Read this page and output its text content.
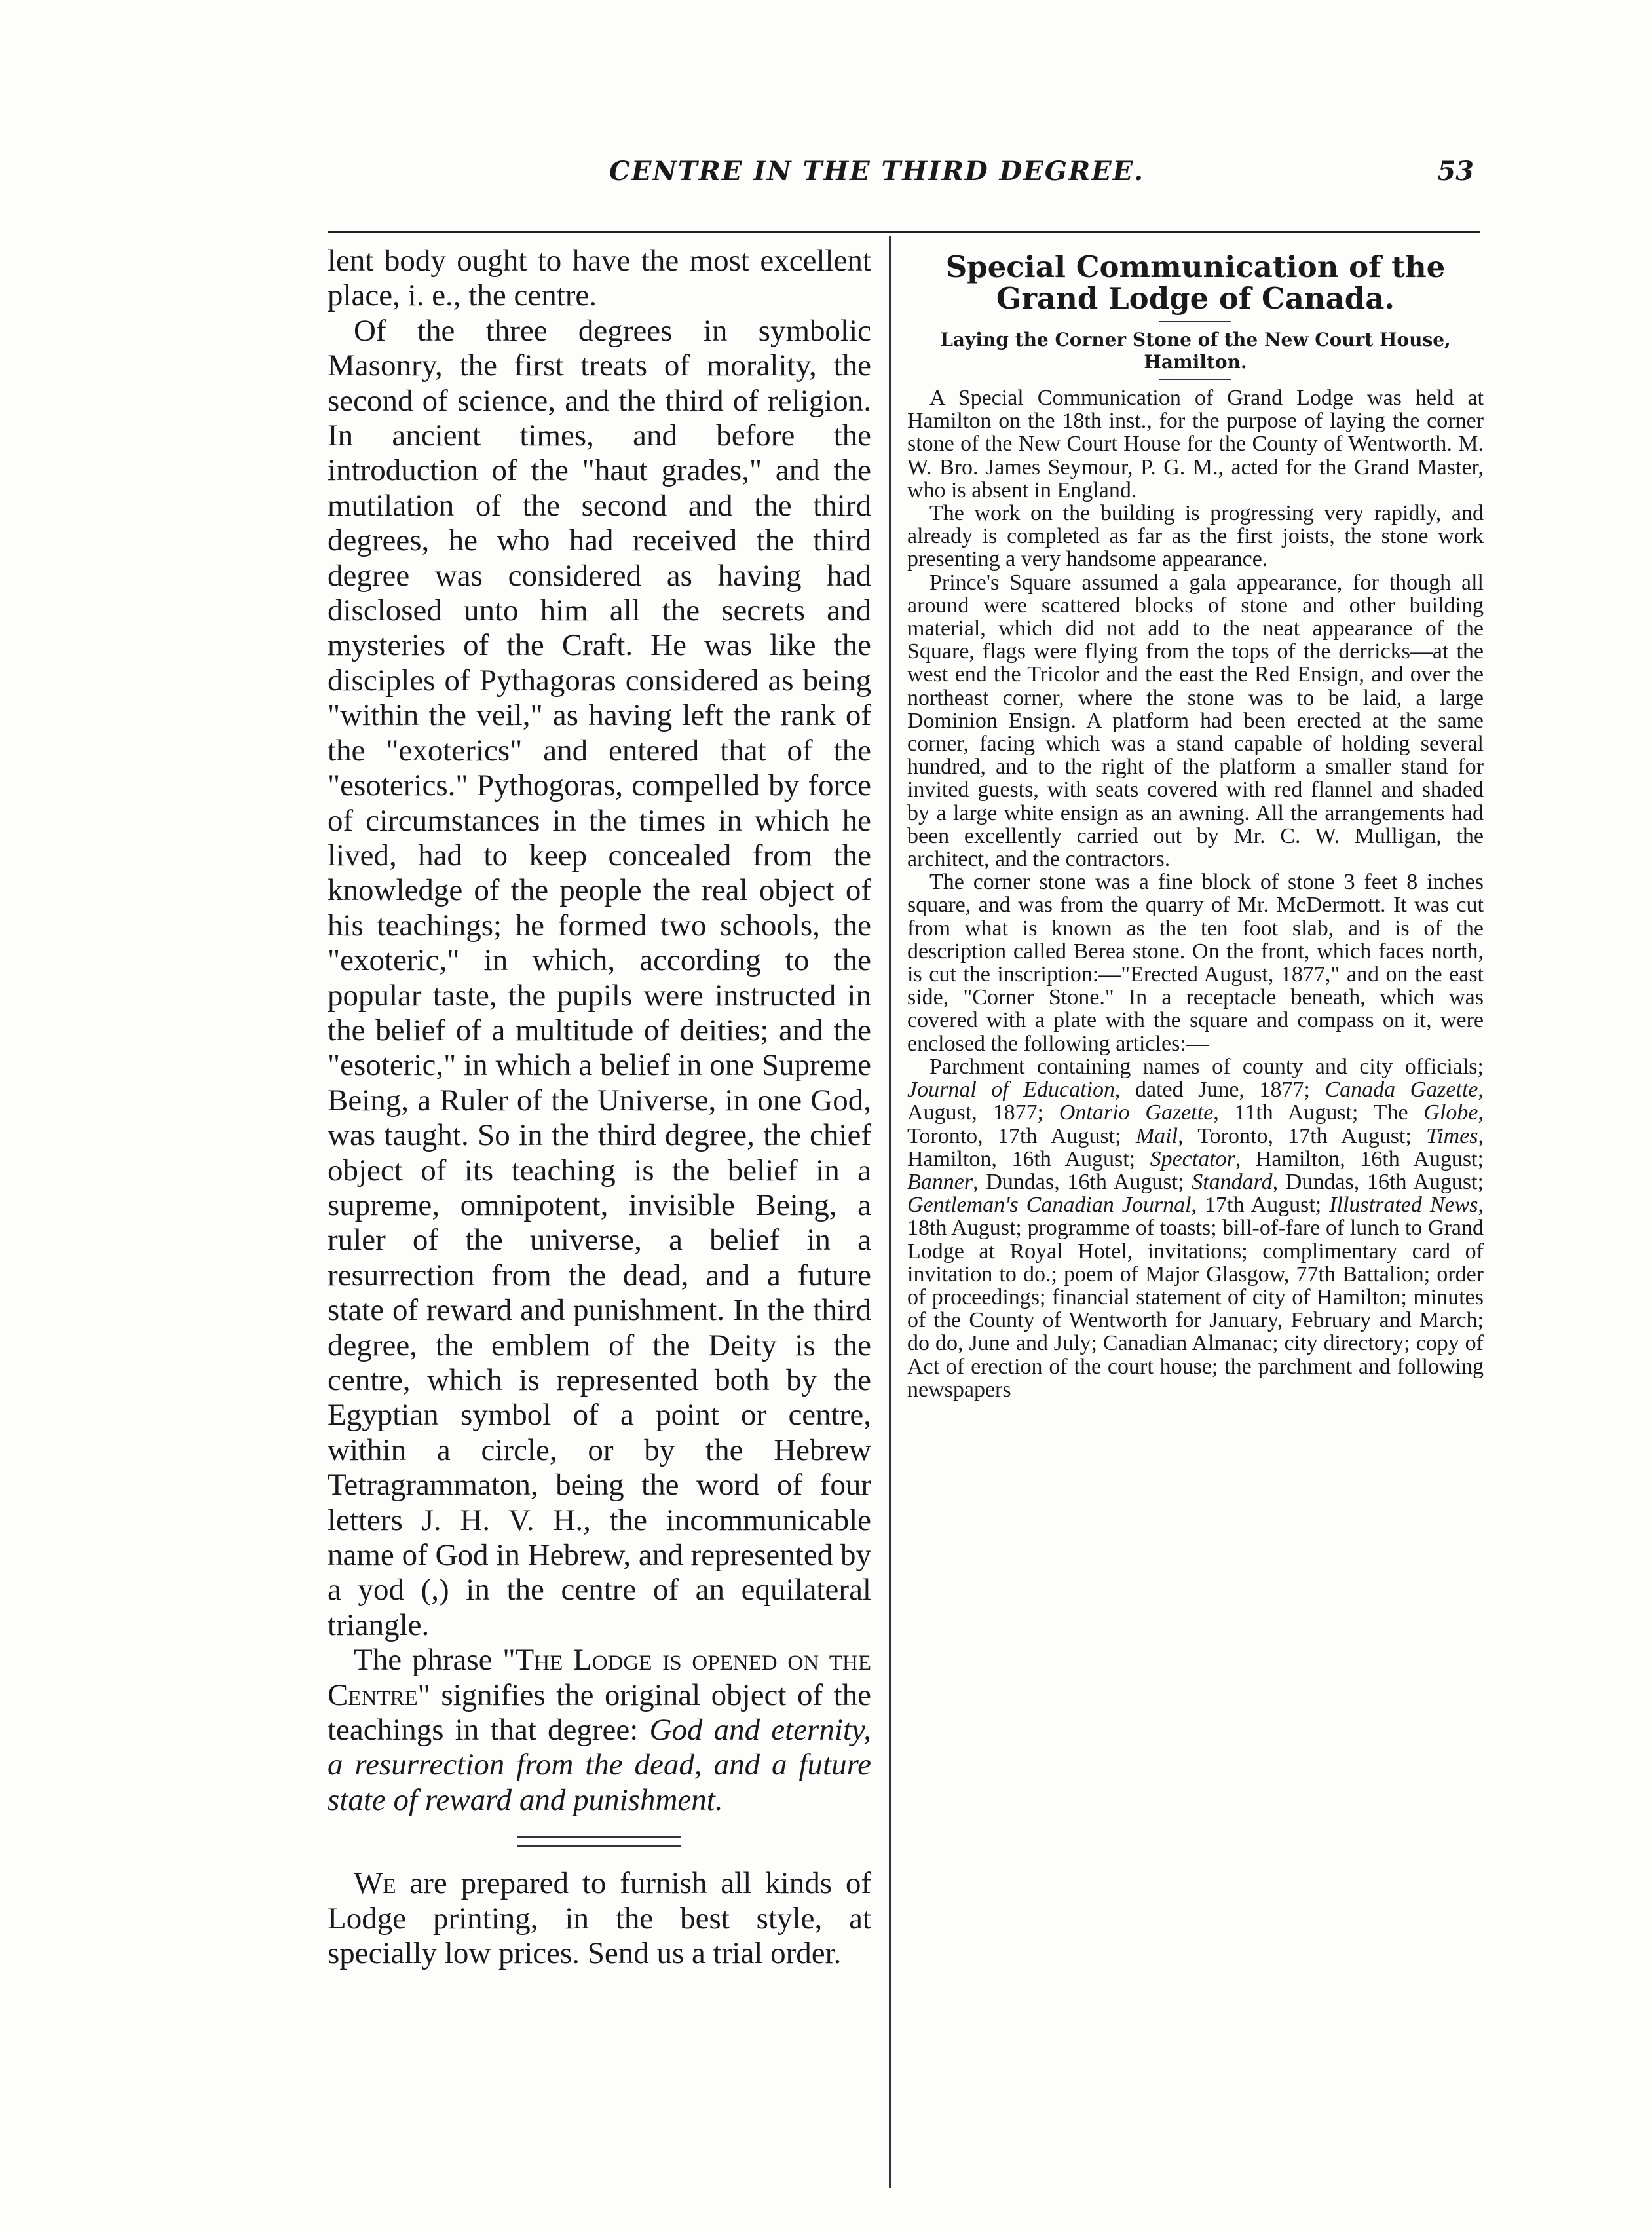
CENTRE IN THE THIRD DEGREE.	53

lent body ought to have the most excellent place, i. e., the centre.

Of the three degrees in symbolic Masonry, the first treats of morality, the second of science, and the third of religion. In ancient times, and before the introduction of the "haut grades," and the mutilation of the second and the third degrees, he who had received the third degree was considered as having had disclosed unto him all the secrets and mysteries of the Craft. He was like the disciples of Pythagoras considered as being "within the veil," as having left the rank of the "exoterics" and entered that of the "esoterics." Pythogoras, compelled by force of circumstances in the times in which he lived, had to keep concealed from the knowledge of the people the real object of his teachings; he formed two schools, the "exoteric," in which, according to the popular taste, the pupils were instructed in the belief of a multitude of deities; and the "esoteric," in which a belief in one Supreme Being, a Ruler of the Universe, in one God, was taught. So in the third degree, the chief object of its teaching is the belief in a supreme, omnipotent, invisible Being, a ruler of the universe, a belief in a resurrection from the dead, and a future state of reward and punishment. In the third degree, the emblem of the Deity is the centre, which is represented both by the Egyptian symbol of a point or centre, within a circle, or by the Hebrew Tetragrammaton, being the word of four letters J. H. V. H., the incommunicable name of God in Hebrew, and represented by a yod (,) in the centre of an equilateral triangle.

The phrase "The Lodge is opened on the Centre" signifies the original object of the teachings in that degree: God and eternity, a resurrection from the dead, and a future state of reward and punishment.

We are prepared to furnish all kinds of Lodge printing, in the best style, at specially low prices. Send us a trial order.

Special Communication of the Grand Lodge of Canada.
Laying the Corner Stone of the New Court House, Hamilton.

A Special Communication of Grand Lodge was held at Hamilton on the 18th inst., for the purpose of laying the corner stone of the New Court House for the County of Wentworth. M. W. Bro. James Seymour, P. G. M., acted for the Grand Master, who is absent in England.

The work on the building is progressing very rapidly, and already is completed as far as the first joists, the stone work presenting a very handsome appearance.

Prince's Square assumed a gala appearance, for though all around were scattered blocks of stone and other building material, which did not add to the neat appearance of the Square, flags were flying from the tops of the derricks—at the west end the Tricolor and the east the Red Ensign, and over the northeast corner, where the stone was to be laid, a large Dominion Ensign. A platform had been erected at the same corner, facing which was a stand capable of holding several hundred, and to the right of the platform a smaller stand for invited guests, with seats covered with red flannel and shaded by a large white ensign as an awning. All the arrangements had been excellently carried out by Mr. C. W. Mulligan, the architect, and the contractors.

The corner stone was a fine block of stone 3 feet 8 inches square, and was from the quarry of Mr. McDermott. It was cut from what is known as the ten foot slab, and is of the description called Berea stone. On the front, which faces north, is cut the inscription:—"Erected August, 1877," and on the east side, "Corner Stone." In a receptacle beneath, which was covered with a plate with the square and compass on it, were enclosed the following articles:—

Parchment containing names of county and city officials; Journal of Education, dated June, 1877; Canada Gazette, August, 1877; Ontario Gazette, 11th August; The Globe, Toronto, 17th August; Mail, Toronto, 17th August; Times, Hamilton, 16th August; Spectator, Hamilton, 16th August; Banner, Dundas, 16th August; Standard, Dundas, 16th August; Gentleman's Canadian Journal, 17th August; Illustrated News, 18th August; programme of toasts; bill-of-fare of lunch to Grand Lodge at Royal Hotel, invitations; complimentary card of invitation to do.; poem of Major Glasgow, 77th Battalion; order of proceedings; financial statement of city of Hamilton; minutes of the County of Wentworth for January, February and March; do do, June and July; Canadian Almanac; city directory; copy of Act of erection of the court house; the parchment and following newspapers
